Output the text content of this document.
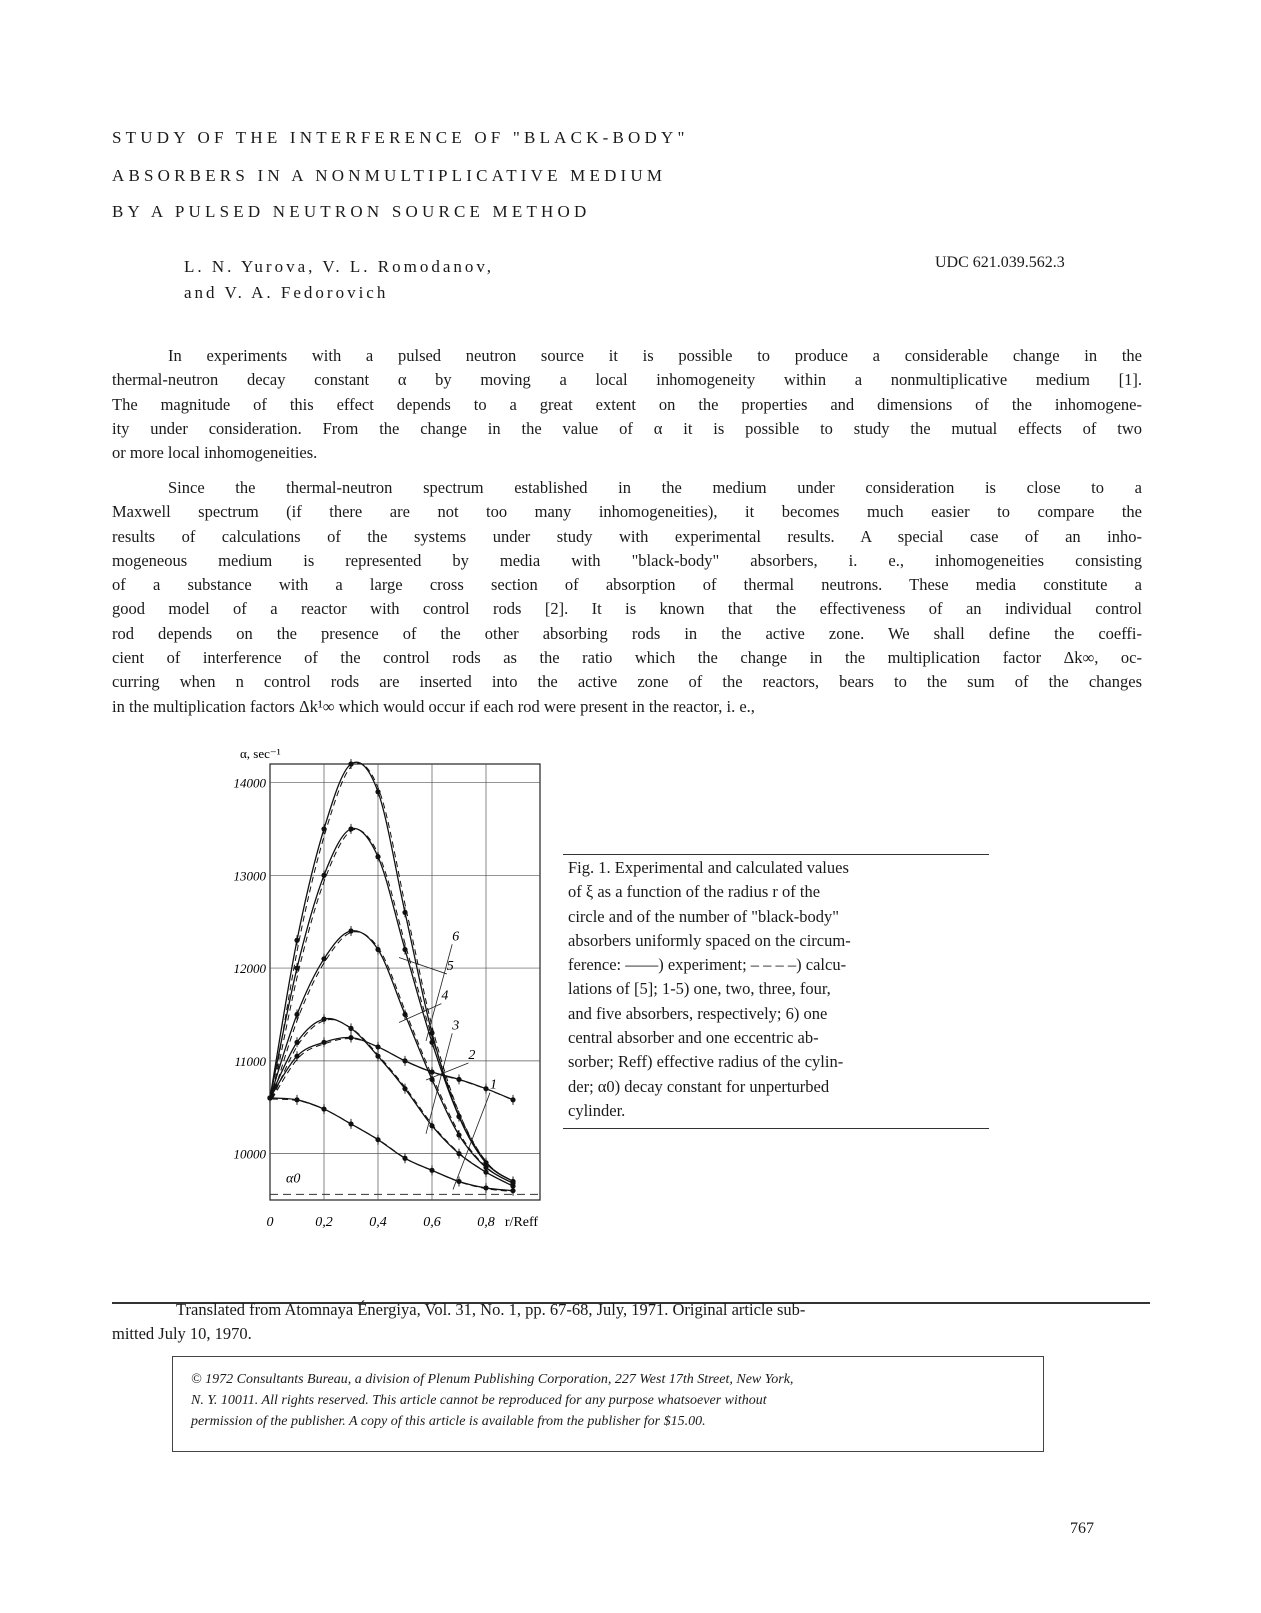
STUDY OF THE INTERFERENCE OF "BLACK-BODY"
ABSORBERS IN A NONMULTIPLICATIVE MEDIUM
BY A PULSED NEUTRON SOURCE METHOD
L. N. Yurova, V. L. Romodanov,
and V. A. Fedorovich
UDC 621.039.562.3
In experiments with a pulsed neutron source it is possible to produce a considerable change in the
thermal-neutron decay constant α by moving a local inhomogeneity within a nonmultiplicative medium [1].
The magnitude of this effect depends to a great extent on the properties and dimensions of the inhomogene-
ity under consideration. From the change in the value of α it is possible to study the mutual effects of two
or more local inhomogeneities.
Since the thermal-neutron spectrum established in the medium under consideration is close to a
Maxwell spectrum (if there are not too many inhomogeneities), it becomes much easier to compare the
results of calculations of the systems under study with experimental results. A special case of an inho-
mogeneous medium is represented by media with "black-body" absorbers, i. e., inhomogeneities consisting
of a substance with a large cross section of absorption of thermal neutrons. These media constitute a
good model of a reactor with control rods [2]. It is known that the effectiveness of an individual control
rod depends on the presence of the other absorbing rods in the active zone. We shall define the coeffi-
cient of interference of the control rods as the ratio which the change in the multiplication factor Δk∞, oc-
curring when n control rods are inserted into the active zone of the reactors, bears to the sum of the changes
in the multiplication factors Δk¹∞ which would occur if each rod were present in the reactor, i. e.,
0	0,2	0,4	0,6	0,8
10000
11000
12000
13000
14000
α, sec⁻¹
r/Reff
α0
1
2
3
4
5
6
Fig. 1. Experimental and calculated values
of ξ as a function of the radius r of the
circle and of the number of "black-body"
absorbers uniformly spaced on the circum-
ference: ——) experiment; – – – –) calcu-
lations of [5]; 1-5) one, two, three, four,
and five absorbers, respectively; 6) one
central absorber and one eccentric ab-
sorber; Reff) effective radius of the cylin-
der; α0) decay constant for unperturbed
cylinder.
Translated from Atomnaya Énergiya, Vol. 31, No. 1, pp. 67-68, July, 1971. Original article sub-
mitted July 10, 1970.
© 1972 Consultants Bureau, a division of Plenum Publishing Corporation, 227 West 17th Street, New York,
N. Y. 10011. All rights reserved. This article cannot be reproduced for any purpose whatsoever without
permission of the publisher. A copy of this article is available from the publisher for $15.00.
767
